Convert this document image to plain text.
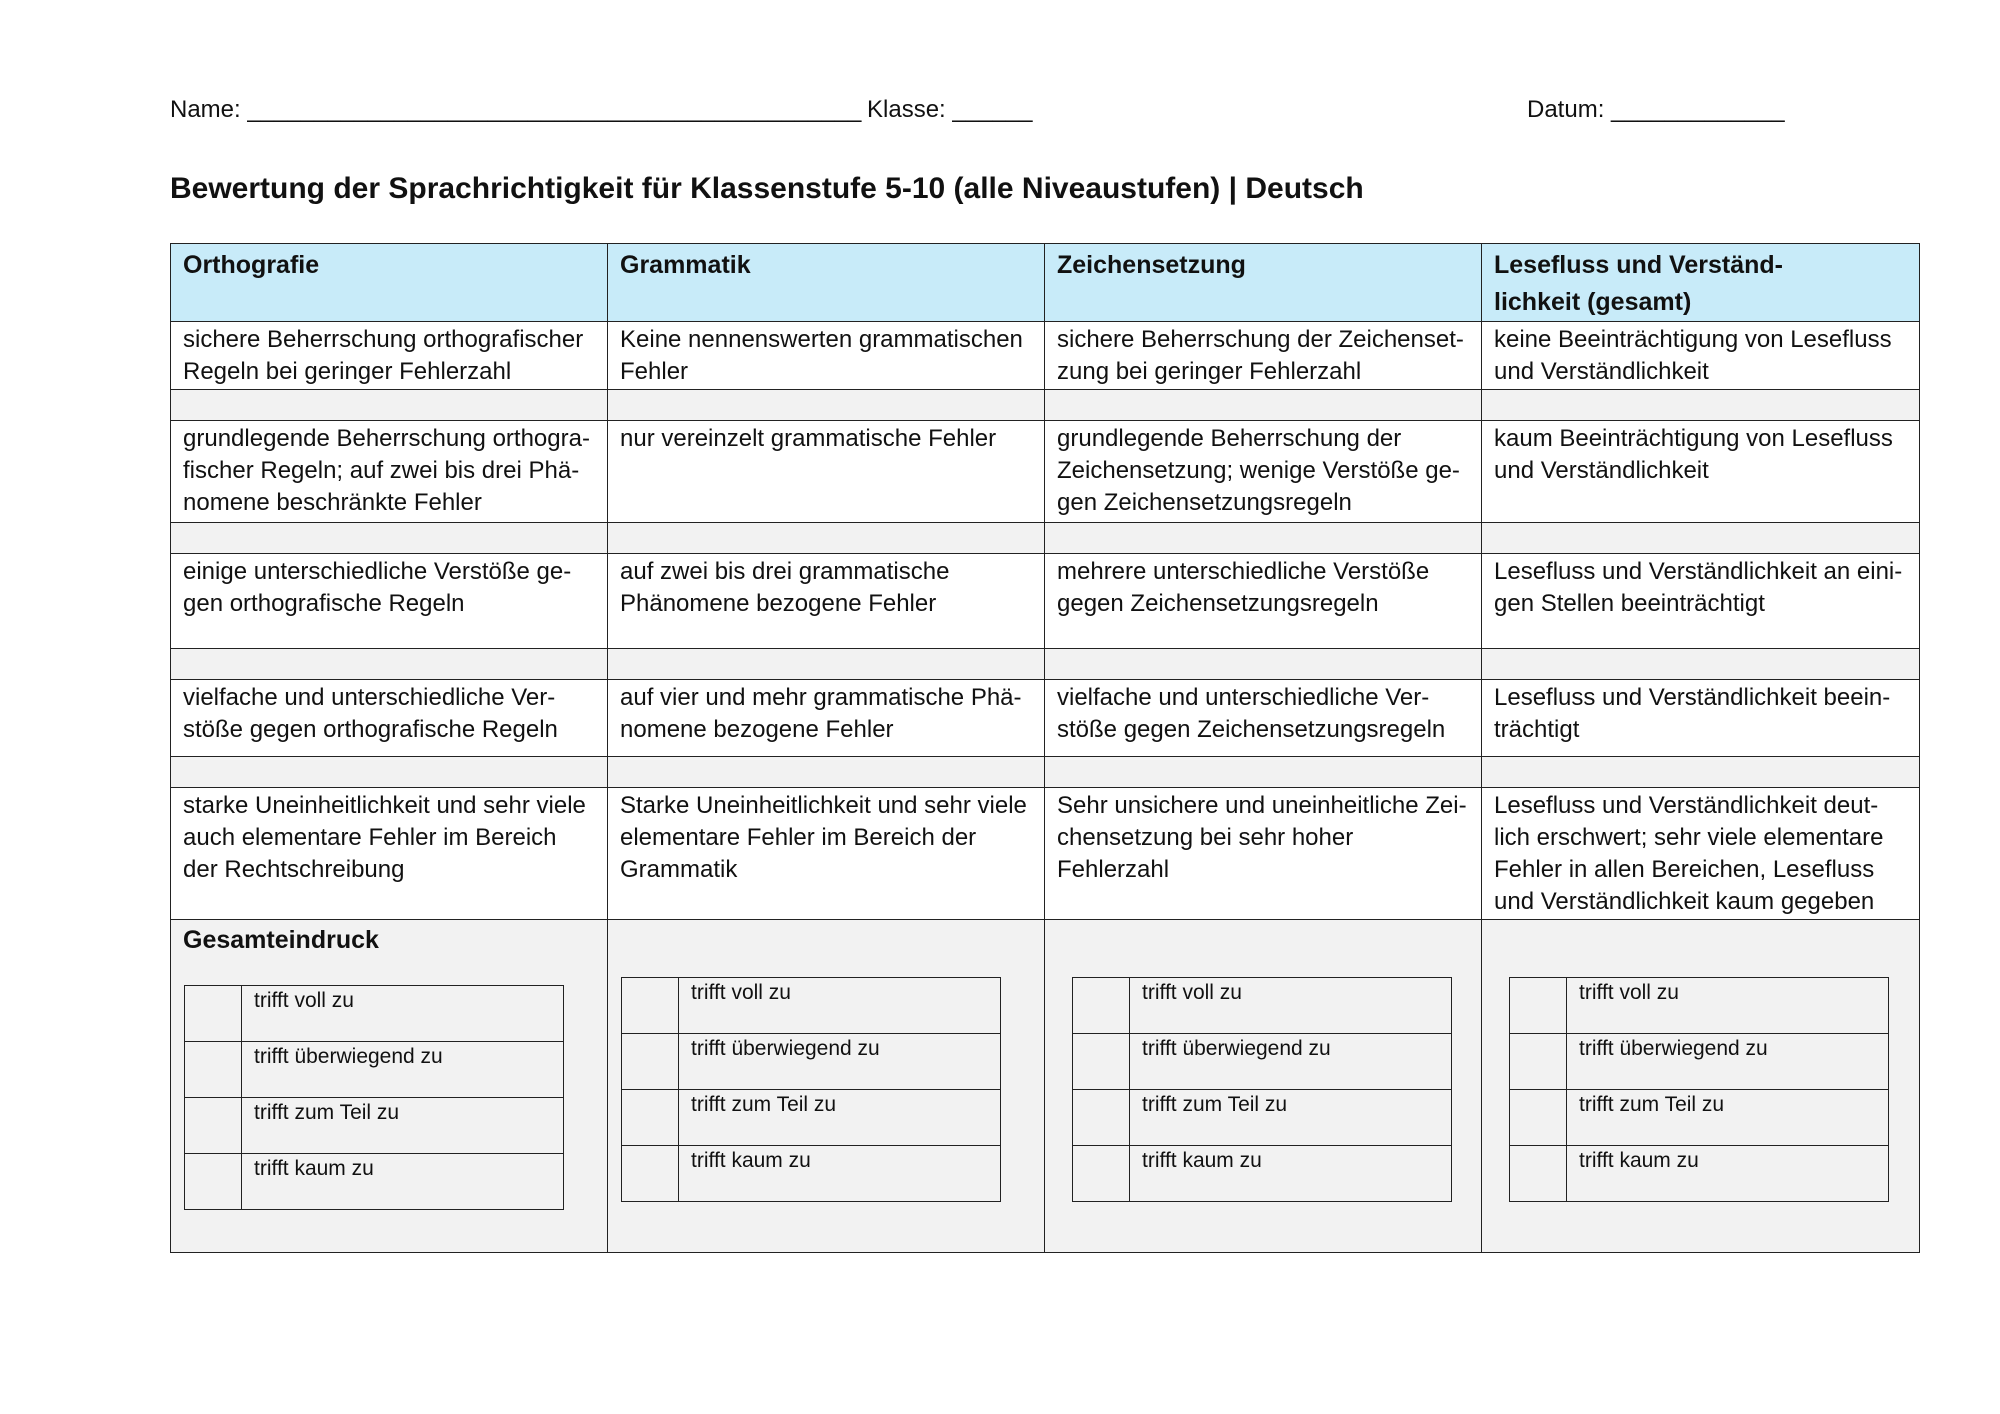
Name: ______________________________________________ Klasse: ______	Datum: _____________
Bewertung der Sprachrichtigkeit für Klassenstufe 5-10 (alle Niveaustufen) | Deutsch
Orthografie	Grammatik	Zeichensetzung	Lesefluss und Verständ-
lichkeit (gesamt)
sichere Beherrschung orthografischer
Regeln bei geringer Fehlerzahl	Keine nennenswerten grammatischen
Fehler	sichere Beherrschung der Zeichenset-
zung bei geringer Fehlerzahl	keine Beeinträchtigung von Lesefluss
und Verständlichkeit

grundlegende Beherrschung orthogra-
fischer Regeln; auf zwei bis drei Phä-
nomene beschränkte Fehler	nur vereinzelt grammatische Fehler	grundlegende Beherrschung der
Zeichensetzung; wenige Verstöße ge-
gen Zeichensetzungsregeln	kaum Beeinträchtigung von Lesefluss
und Verständlichkeit

einige unterschiedliche Verstöße ge-
gen orthografische Regeln	auf zwei bis drei grammatische
Phänomene bezogene Fehler	mehrere unterschiedliche Verstöße
gegen Zeichensetzungsregeln	Lesefluss und Verständlichkeit an eini-
gen Stellen beeinträchtigt

vielfache und unterschiedliche Ver-
stöße gegen orthografische Regeln	auf vier und mehr grammatische Phä-
nomene bezogene Fehler	vielfache und unterschiedliche Ver-
stöße gegen Zeichensetzungsregeln	Lesefluss und Verständlichkeit beein-
trächtigt

starke Uneinheitlichkeit und sehr viele
auch elementare Fehler im Bereich
der Rechtschreibung	Starke Uneinheitlichkeit und sehr viele
elementare Fehler im Bereich der
Grammatik	Sehr unsichere und uneinheitliche Zei-
chensetzung bei sehr hoher Fehlerzahl	Lesefluss und Verständlichkeit deut-
lich erschwert; sehr viele elementare
Fehler in allen Bereichen, Lesefluss
und Verständlichkeit kaum gegeben

Gesamteindruck
	trifft voll zu
	trifft überwiegend zu
	trifft zum Teil zu
	trifft kaum zu

	trifft voll zu
	trifft überwiegend zu
	trifft zum Teil zu
	trifft kaum zu

	trifft voll zu
	trifft überwiegend zu
	trifft zum Teil zu
	trifft kaum zu

	trifft voll zu
	trifft überwiegend zu
	trifft zum Teil zu
	trifft kaum zu
